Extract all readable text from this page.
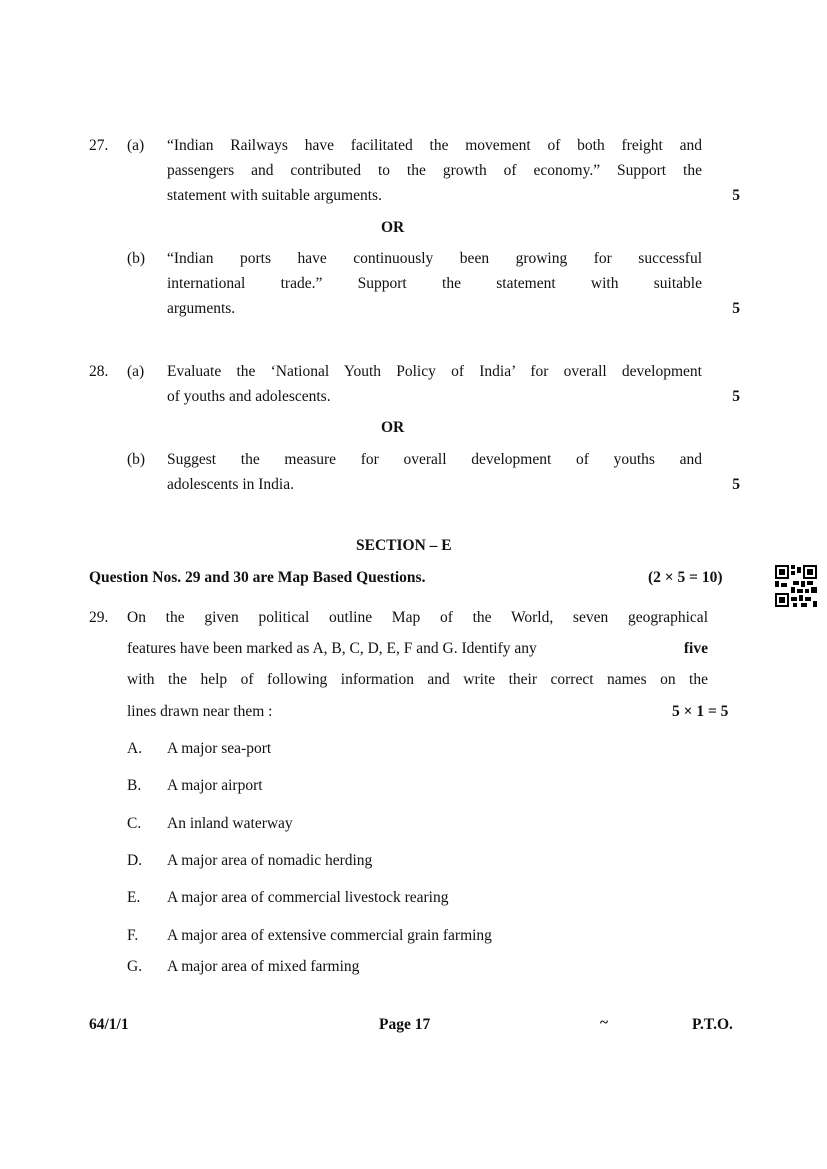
27. (a) “Indian Railways have facilitated the movement of both freight and
passengers and contributed to the growth of economy.” Support the
statement with suitable arguments.	5
OR
(b) “Indian ports have continuously been growing for successful
international trade.” Support the statement with suitable
arguments.	5
28. (a) Evaluate the ‘National Youth Policy of India’ for overall development
of youths and adolescents.	5
OR
(b) Suggest the measure for overall development of youths and
adolescents in India.	5
SECTION – E
Question Nos. 29 and 30 are Map Based Questions.	(2 × 5 = 10)
29. On the given political outline Map of the World, seven geographical
features have been marked as A, B, C, D, E, F and G. Identify any	five
with the help of following information and write their correct names on the
lines drawn near them :	5 × 1 = 5
A. A major sea-port
B. A major airport
C. An inland waterway
D. A major area of nomadic herding
E. A major area of commercial livestock rearing
F. A major area of extensive commercial grain farming
G. A major area of mixed farming
64/1/1	Page 17	~	P.T.O.
